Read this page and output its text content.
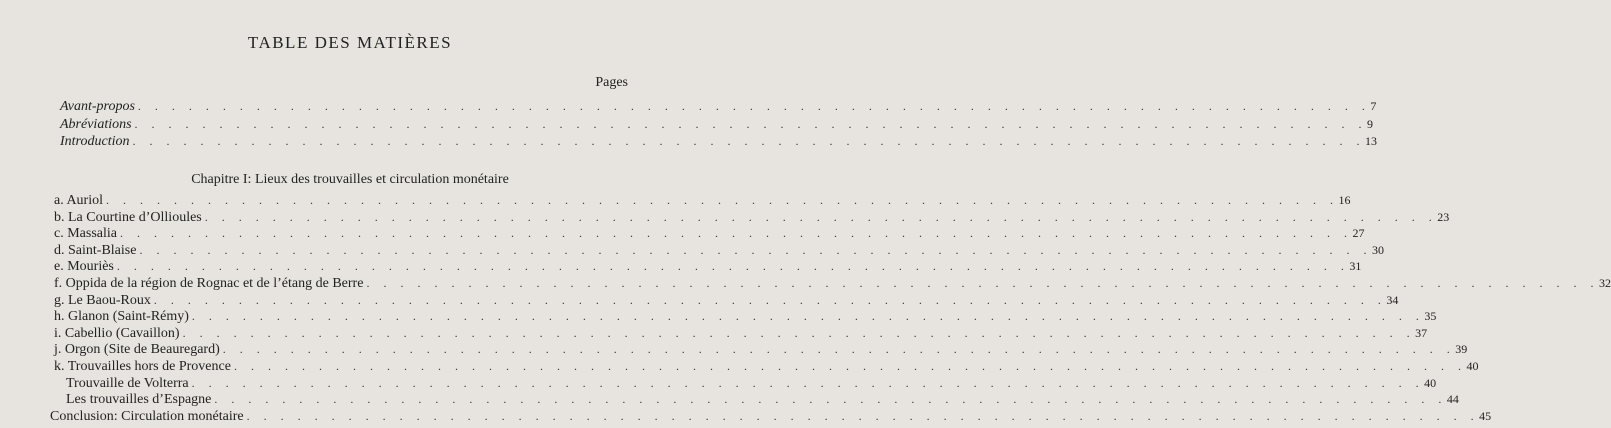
TABLE DES MATIÈRES
Pages
Avant-propos . . . . . . . . . . . . . . . . . . . . . . . . . . . . . . . . . . . . . . . . . . . . . . . . . . . . . . . . . . . . . . . . . . . . . . . . . 7
Abréviations . . . . . . . . . . . . . . . . . . . . . . . . . . . . . . . . . . . . . . . . . . . . . . . . . . . . . . . . . . . . . . . . . . . . . . . . . 9
Introduction . . . . . . . . . . . . . . . . . . . . . . . . . . . . . . . . . . . . . . . . . . . . . . . . . . . . . . . . . . . . . . . . . . . . . . . . . 13
Chapitre I: Lieux des trouvailles et circulation monétaire
a. Auriol . . . . . . . . . . . . . . . . . . . . . . . . . . . . . . . . . . . . . . . . . . . . . . . . . . . . . . . . . . . . . . . . . . . . . . . . . 16
b. La Courtine d’Ollioules . . . . . . . . . . . . . . . . . . . . . . . . . . . . . . . . . . . . . . . . . . . . . . . . . . . . . . . . . . . . . . . . . . . . . . . . . 23
c. Massalia . . . . . . . . . . . . . . . . . . . . . . . . . . . . . . . . . . . . . . . . . . . . . . . . . . . . . . . . . . . . . . . . . . . . . . . . . 27
d. Saint-Blaise . . . . . . . . . . . . . . . . . . . . . . . . . . . . . . . . . . . . . . . . . . . . . . . . . . . . . . . . . . . . . . . . . . . . . . . . . 30
e. Mouriès . . . . . . . . . . . . . . . . . . . . . . . . . . . . . . . . . . . . . . . . . . . . . . . . . . . . . . . . . . . . . . . . . . . . . . . . . 31
f. Oppida de la région de Rognac et de l’étang de Berre . . . . . . . . . . . . . . . . . . . . . . . . . . . . . . . . . . . . . . . . . . . . . . . . . . . . . . . . . . . . . . . . . . . . . . . . . 32
g. Le Baou-Roux . . . . . . . . . . . . . . . . . . . . . . . . . . . . . . . . . . . . . . . . . . . . . . . . . . . . . . . . . . . . . . . . . . . . . . . . . 34
h. Glanon (Saint-Rémy) . . . . . . . . . . . . . . . . . . . . . . . . . . . . . . . . . . . . . . . . . . . . . . . . . . . . . . . . . . . . . . . . . . . . . . . . . 35
i. Cabellio (Cavaillon) . . . . . . . . . . . . . . . . . . . . . . . . . . . . . . . . . . . . . . . . . . . . . . . . . . . . . . . . . . . . . . . . . . . . . . . . . 37
j. Orgon (Site de Beauregard) . . . . . . . . . . . . . . . . . . . . . . . . . . . . . . . . . . . . . . . . . . . . . . . . . . . . . . . . . . . . . . . . . . . . . . . . . 39
k. Trouvailles hors de Provence . . . . . . . . . . . . . . . . . . . . . . . . . . . . . . . . . . . . . . . . . . . . . . . . . . . . . . . . . . . . . . . . . . . . . . . . . 40
Trouvaille de Volterra . . . . . . . . . . . . . . . . . . . . . . . . . . . . . . . . . . . . . . . . . . . . . . . . . . . . . . . . . . . . . . . . . . . . . . . . . 40
Les trouvailles d’Espagne . . . . . . . . . . . . . . . . . . . . . . . . . . . . . . . . . . . . . . . . . . . . . . . . . . . . . . . . . . . . . . . . . . . . . . . . . 44
Conclusion: Circulation monétaire . . . . . . . . . . . . . . . . . . . . . . . . . . . . . . . . . . . . . . . . . . . . . . . . . . . . . . . . . . . . . . . . . . . . . . . . . 45
